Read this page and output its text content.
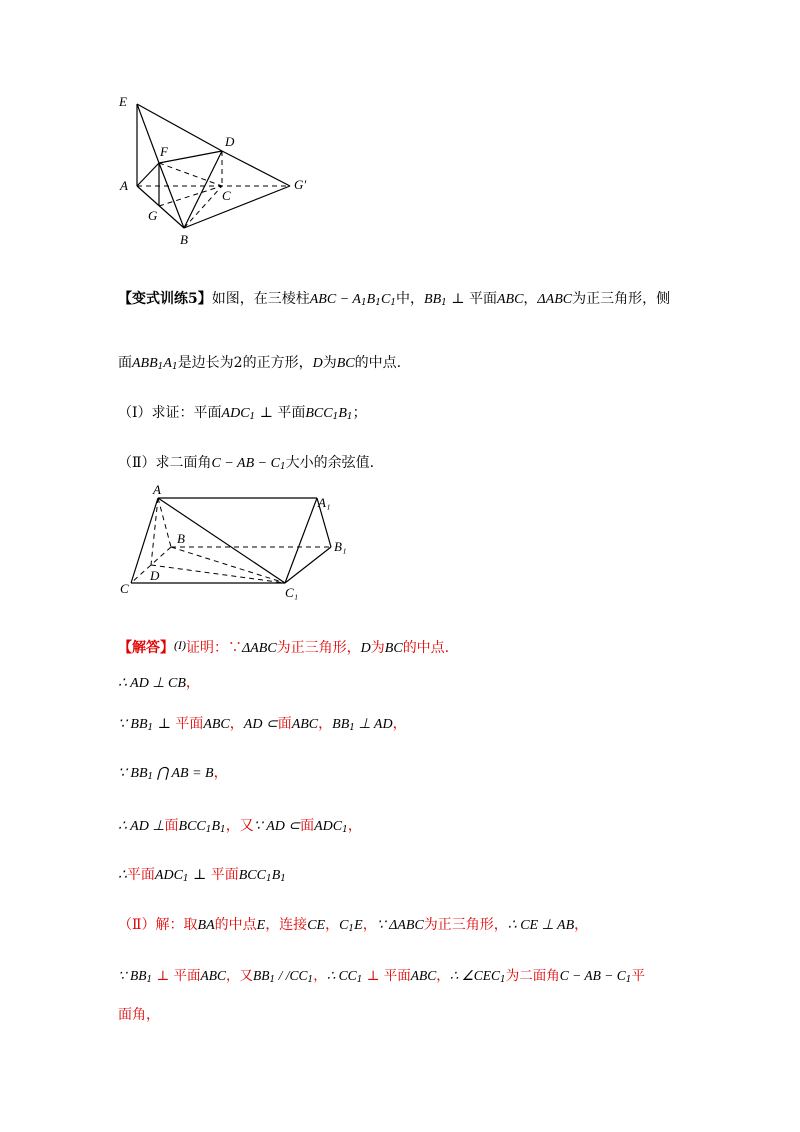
E
F
D
A
C
G′
G
B
【变式训练5】如图，在三棱柱ABC − $A_1B_1C_1$中，$BB_1$ ⊥ 平面ABC，ΔABC为正三角形，侧
面$ABB_1A_1$是边长为2的正方形，D为BC的中点.
（Ⅰ）求证：平面$ADC_1$ ⊥ 平面$BCC_1B_1$；
（Ⅱ）求二面角C − AB − $C_1$大小的余弦值.
A
A₁
B
B₁
C
D
C₁
【解答】(I)证明：∵ΔABC为正三角形，D为BC的中点.
∴ AD ⊥ CB，
∵ $BB_1$ ⊥ 平面ABC，AD ⊂面ABC，$BB_1$ ⊥ AD，
∵ $BB_1$ ⋂ AB = B，
∴ AD ⊥面$BCC_1B_1$，又∵ AD ⊂面$ADC_1$，
∴平面$ADC_1$ ⊥ 平面$BCC_1B_1$
（Ⅱ）解：取BA的中点E，连接CE，$C_1E$，∵ ΔABC为正三角形，∴ CE ⊥ AB，
∵ $BB_1$ ⊥ 平面ABC，又$BB_1 / /CC_1$，∴ $CC_1$ ⊥ 平面ABC，∴ $\angle CEC_1$为二面角C − AB − $C_1$平
面角，
